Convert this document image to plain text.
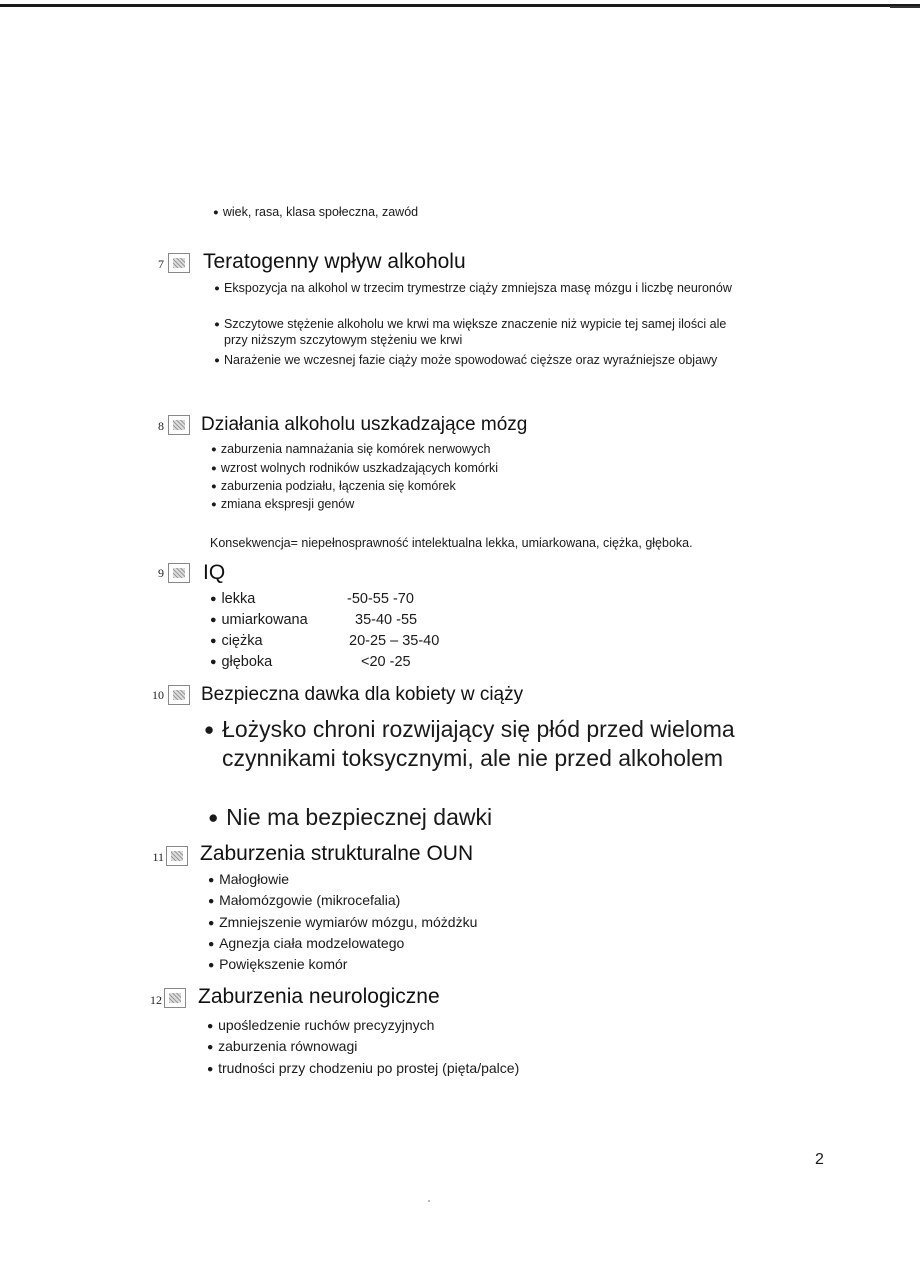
● wiek, rasa, klasa społeczna, zawód
7 Teratogenny wpływ alkoholu
● Ekspozycja na alkohol w trzecim trymestrze ciąży zmniejsza masę mózgu i liczbę neuronów
● Szczytowe stężenie alkoholu we krwi ma większe znaczenie niż wypicie tej samej ilości ale przy niższym szczytowym stężeniu we krwi
● Narażenie we wczesnej fazie ciąży może spowodować cięższe oraz wyraźniejsze objawy
8 Działania alkoholu uszkadzające mózg
● zaburzenia namnażania się komórek nerwowych
● wzrost wolnych rodników uszkadzających komórki
● zaburzenia podziału, łączenia się komórek
● zmiana ekspresji genów
Konsekwencja= niepełnosprawność intelektualna lekka, umiarkowana, ciężka, głęboka.
9 IQ
● lekka	-50-55 -70
● umiarkowana	35-40 -55
● ciężka	20-25 – 35-40
● głęboka	<20 -25
10 Bezpieczna dawka dla kobiety w ciąży
● Łożysko chroni rozwijający się płód przed wieloma czynnikami toksycznymi, ale nie przed alkoholem
● Nie ma bezpiecznej dawki
11 Zaburzenia strukturalne OUN
● Małogłowie
● Małomózgowie (mikrocefalia)
● Zmniejszenie wymiarów mózgu, móżdżku
● Agnezja ciała modzelowatego
● Powiększenie komór
12 Zaburzenia neurologiczne
● upośledzenie ruchów precyzyjnych
● zaburzenia równowagi
● trudności przy chodzeniu po prostej (pięta/palce)
2
